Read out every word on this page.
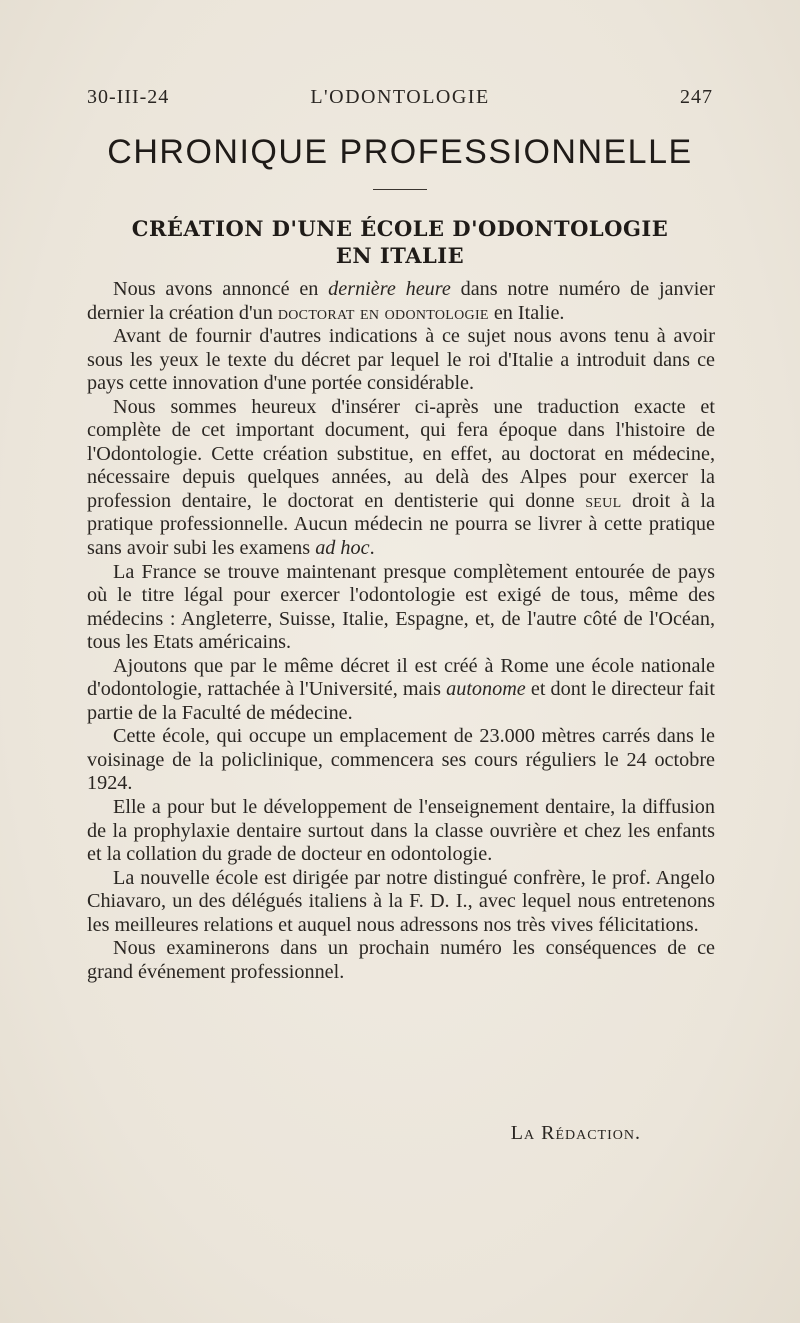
30-III-24	L'ODONTOLOGIE	247
CHRONIQUE PROFESSIONNELLE
CRÉATION D'UNE ÉCOLE D'ODONTOLOGIE
EN ITALIE

Nous avons annoncé en dernière heure dans notre numéro de janvier dernier la création d'un doctorat en odontologie en Italie.

Avant de fournir d'autres indications à ce sujet nous avons tenu à avoir sous les yeux le texte du décret par lequel le roi d'Italie a introduit dans ce pays cette innovation d'une portée considérable.

Nous sommes heureux d'insérer ci-après une traduction exacte et complète de cet important document, qui fera époque dans l'histoire de l'Odontologie. Cette création substitue, en effet, au doctorat en médecine, nécessaire depuis quelques années, au delà des Alpes pour exercer la profession dentaire, le doctorat en dentisterie qui donne seul droit à la pratique professionnelle. Aucun médecin ne pourra se livrer à cette pratique sans avoir subi les examens ad hoc.

La France se trouve maintenant presque complètement entourée de pays où le titre légal pour exercer l'odontologie est exigé de tous, même des médecins : Angleterre, Suisse, Italie, Espagne, et, de l'autre côté de l'Océan, tous les Etats américains.

Ajoutons que par le même décret il est créé à Rome une école nationale d'odontologie, rattachée à l'Université, mais autonome et dont le directeur fait partie de la Faculté de médecine.

Cette école, qui occupe un emplacement de 23.000 mètres carrés dans le voisinage de la policlinique, commencera ses cours réguliers le 24 octobre 1924.

Elle a pour but le développement de l'enseignement dentaire, la diffusion de la prophylaxie dentaire surtout dans la classe ouvrière et chez les enfants et la collation du grade de docteur en odontologie.

La nouvelle école est dirigée par notre distingué confrère, le prof. Angelo Chiavaro, un des délégués italiens à la F. D. I., avec lequel nous entretenons les meilleures relations et auquel nous adressons nos très vives félicitations.

Nous examinerons dans un prochain numéro les conséquences de ce grand événement professionnel.

La Rédaction.
